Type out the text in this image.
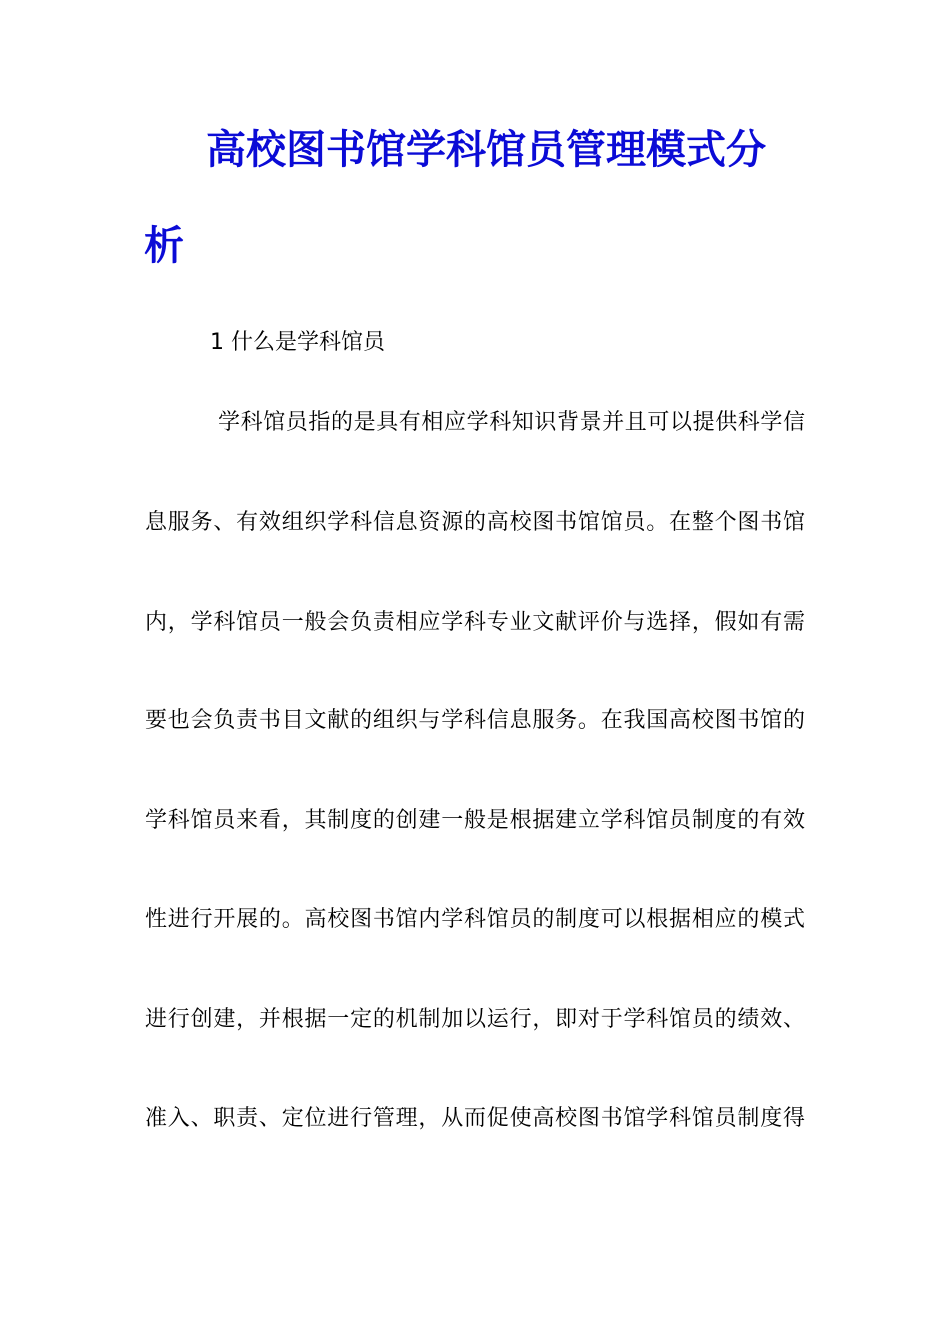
高校图书馆学科馆员管理模式分
析
1 什么是学科馆员
学科馆员指的是具有相应学科知识背景并且可以提供科学信
息服务、有效组织学科信息资源的高校图书馆馆员。在整个图书馆
内，学科馆员一般会负责相应学科专业文献评价与选择，假如有需
要也会负责书目文献的组织与学科信息服务。在我国高校图书馆的
学科馆员来看，其制度的创建一般是根据建立学科馆员制度的有效
性进行开展的。高校图书馆内学科馆员的制度可以根据相应的模式
进行创建，并根据一定的机制加以运行，即对于学科馆员的绩效、
准入、职责、定位进行管理，从而促使高校图书馆学科馆员制度得
